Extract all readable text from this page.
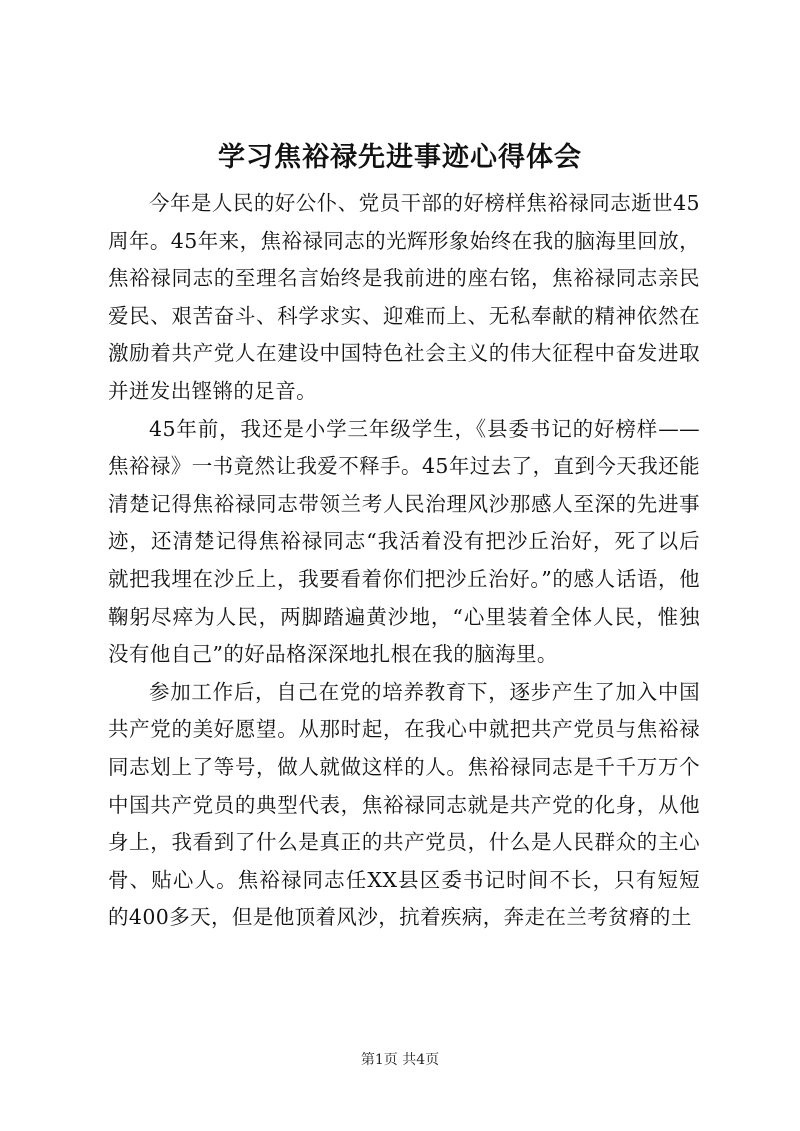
学习焦裕禄先进事迹心得体会

今年是人民的好公仆、党员干部的好榜样焦裕禄同志逝世45周年。45年来，焦裕禄同志的光辉形象始终在我的脑海里回放，焦裕禄同志的至理名言始终是我前进的座右铭，焦裕禄同志亲民爱民、艰苦奋斗、科学求实、迎难而上、无私奉献的精神依然在激励着共产党人在建设中国特色社会主义的伟大征程中奋发进取并迸发出铿锵的足音。

45年前，我还是小学三年级学生，《县委书记的好榜样——焦裕禄》一书竟然让我爱不释手。45年过去了，直到今天我还能清楚记得焦裕禄同志带领兰考人民治理风沙那感人至深的先进事迹，还清楚记得焦裕禄同志“我活着没有把沙丘治好，死了以后就把我埋在沙丘上，我要看着你们把沙丘治好。”的感人话语，他鞠躬尽瘁为人民，两脚踏遍黄沙地，“心里装着全体人民，惟独没有他自己”的好品格深深地扎根在我的脑海里。

参加工作后，自己在党的培养教育下，逐步产生了加入中国共产党的美好愿望。从那时起，在我心中就把共产党员与焦裕禄同志划上了等号，做人就做这样的人。焦裕禄同志是千千万万个中国共产党员的典型代表，焦裕禄同志就是共产党的化身，从他身上，我看到了什么是真正的共产党员，什么是人民群众的主心骨、贴心人。焦裕禄同志任XX县区委书记时间不长，只有短短的400多天，但是他顶着风沙，抗着疾病，奔走在兰考贫瘠的土

第1页 共4页
